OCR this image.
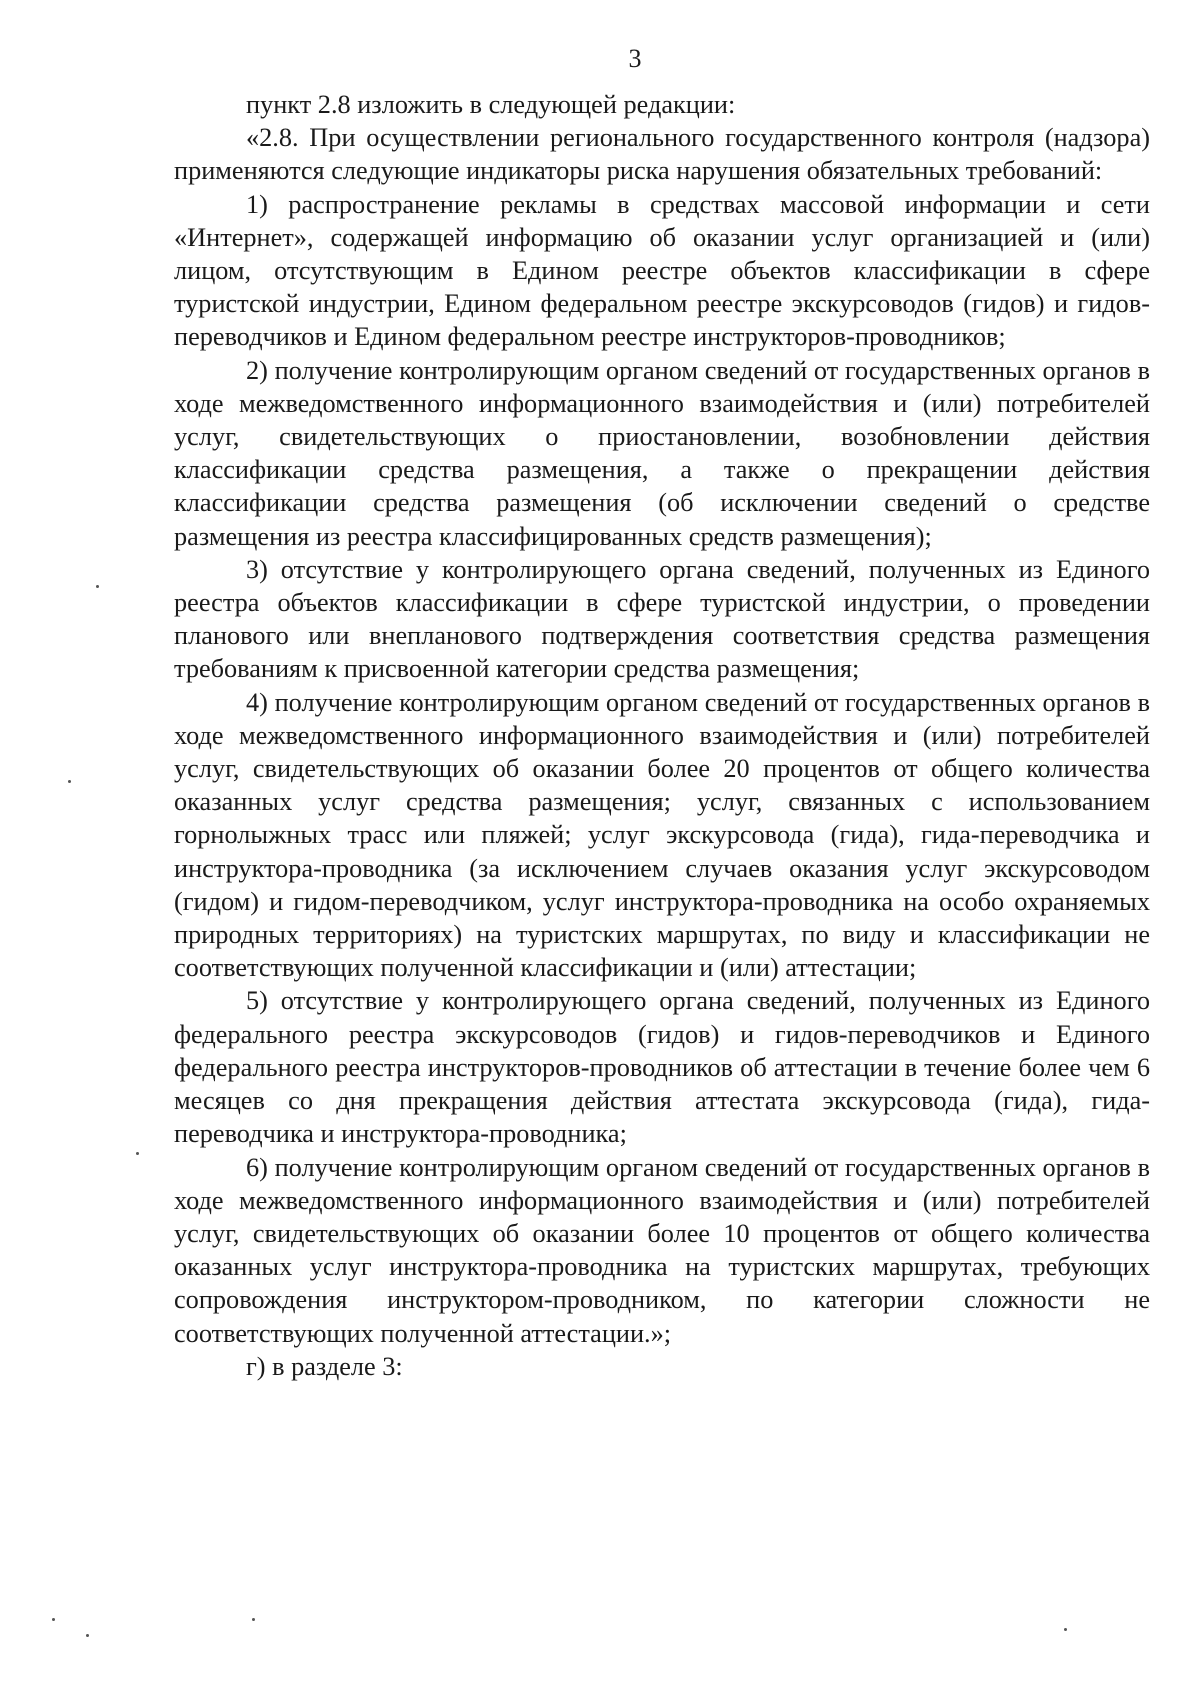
3

пункт 2.8 изложить в следующей редакции:

«2.8. При осуществлении регионального государственного контроля (надзора) применяются следующие индикаторы риска нарушения обязательных требований:

1) распространение рекламы в средствах массовой информации и сети «Интернет», содержащей информацию об оказании услуг организацией и (или) лицом, отсутствующим в Едином реестре объектов классификации в сфере туристской индустрии, Едином федеральном реестре экскурсоводов (гидов) и гидов-переводчиков и Едином федеральном реестре инструкторов-проводников;

2) получение контролирующим органом сведений от государственных органов в ходе межведомственного информационного взаимодействия и (или) потребителей услуг, свидетельствующих о приостановлении, возобновлении действия классификации средства размещения, а также о прекращении действия классификации средства размещения (об исключении сведений о средстве размещения из реестра классифицированных средств размещения);

3) отсутствие у контролирующего органа сведений, полученных из Единого реестра объектов классификации в сфере туристской индустрии, о проведении планового или внепланового подтверждения соответствия средства размещения требованиям к присвоенной категории средства размещения;

4) получение контролирующим органом сведений от государственных органов в ходе межведомственного информационного взаимодействия и (или) потребителей услуг, свидетельствующих об оказании более 20 процентов от общего количества оказанных услуг средства размещения; услуг, связанных с использованием горнолыжных трасс или пляжей; услуг экскурсовода (гида), гида-переводчика и инструктора-проводника (за исключением случаев оказания услуг экскурсоводом (гидом) и гидом-переводчиком, услуг инструктора-проводника на особо охраняемых природных территориях) на туристских маршрутах, по виду и классификации не соответствующих полученной классификации и (или) аттестации;

5) отсутствие у контролирующего органа сведений, полученных из Единого федерального реестра экскурсоводов (гидов) и гидов-переводчиков и Единого федерального реестра инструкторов-проводников об аттестации в течение более чем 6 месяцев со дня прекращения действия аттестата экскурсовода (гида), гида-переводчика и инструктора-проводника;

6) получение контролирующим органом сведений от государственных органов в ходе межведомственного информационного взаимодействия и (или) потребителей услуг, свидетельствующих об оказании более 10 процентов от общего количества оказанных услуг инструктора-проводника на туристских маршрутах, требующих сопровождения инструктором-проводником, по категории сложности не соответствующих полученной аттестации.»;

г) в разделе 3:
